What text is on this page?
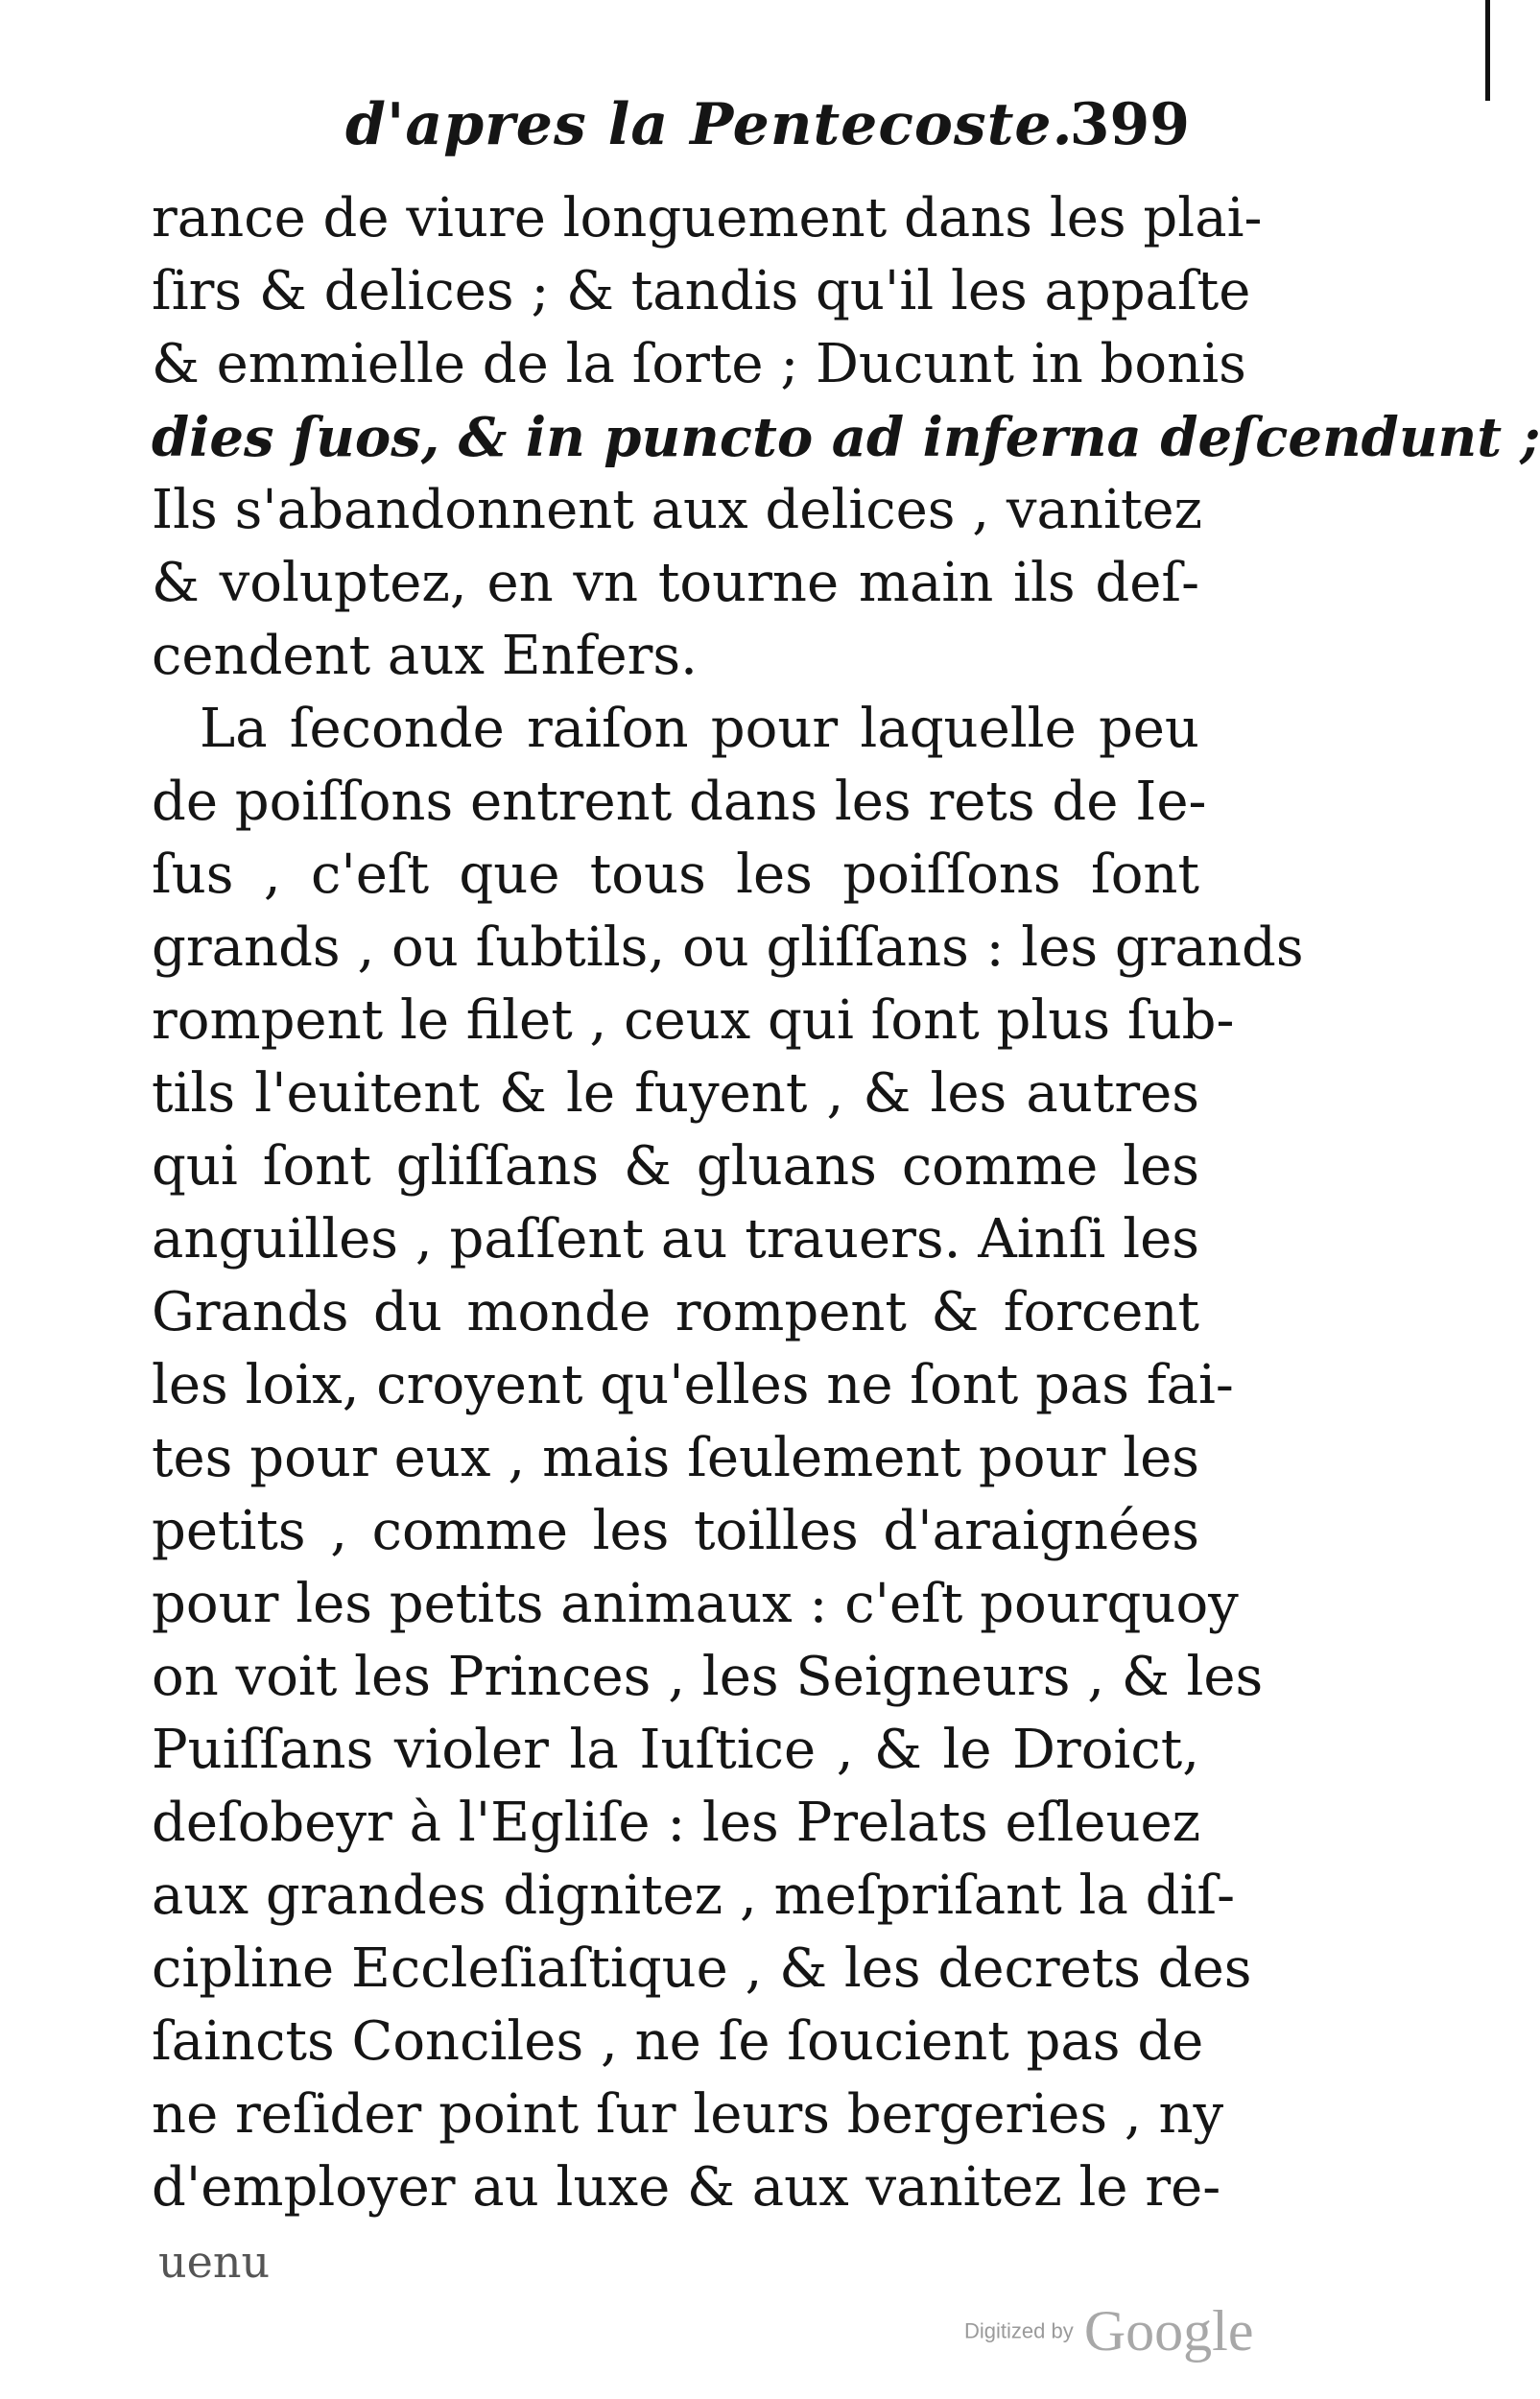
d'apres la Pentecoste.
399
rance de viure longuement dans les plai-
ſirs & delices ; & tandis qu'il les appaſte
& emmielle de la ſorte ; Ducunt in bonis
dies ſuos, & in puncto ad inferna deſcendunt ;
Ils s'abandonnent aux delices , vanitez
& voluptez, en vn tourne main ils deſ-
cendent aux Enfers.
La ſeconde raiſon pour laquelle peu
de poiſſons entrent dans les rets de Ie-
ſus , c'eſt que tous les poiſſons ſont
grands , ou ſubtils, ou gliſſans : les grands
rompent le filet , ceux qui ſont plus ſub-
tils l'euitent & le fuyent , & les autres
qui ſont gliſſans & gluans comme les
anguilles , paſſent au trauers. Ainſi les
Grands du monde rompent & forcent
les loix, croyent qu'elles ne ſont pas fai-
tes pour eux , mais ſeulement pour les
petits , comme les toilles d'araignées
pour les petits animaux : c'eſt pourquoy
on voit les Princes , les Seigneurs , & les
Puiſſans violer la Iuſtice , & le Droict,
deſobeyr à l'Egliſe : les Prelats eſleuez
aux grandes dignitez , meſpriſant la diſ-
cipline Eccleſiaſtique , & les decrets des
ſaincts Conciles , ne ſe ſoucient pas de
ne reſider point ſur leurs bergeries , ny
d'employer au luxe & aux vanitez le re-
uenu
Digitized by Google
